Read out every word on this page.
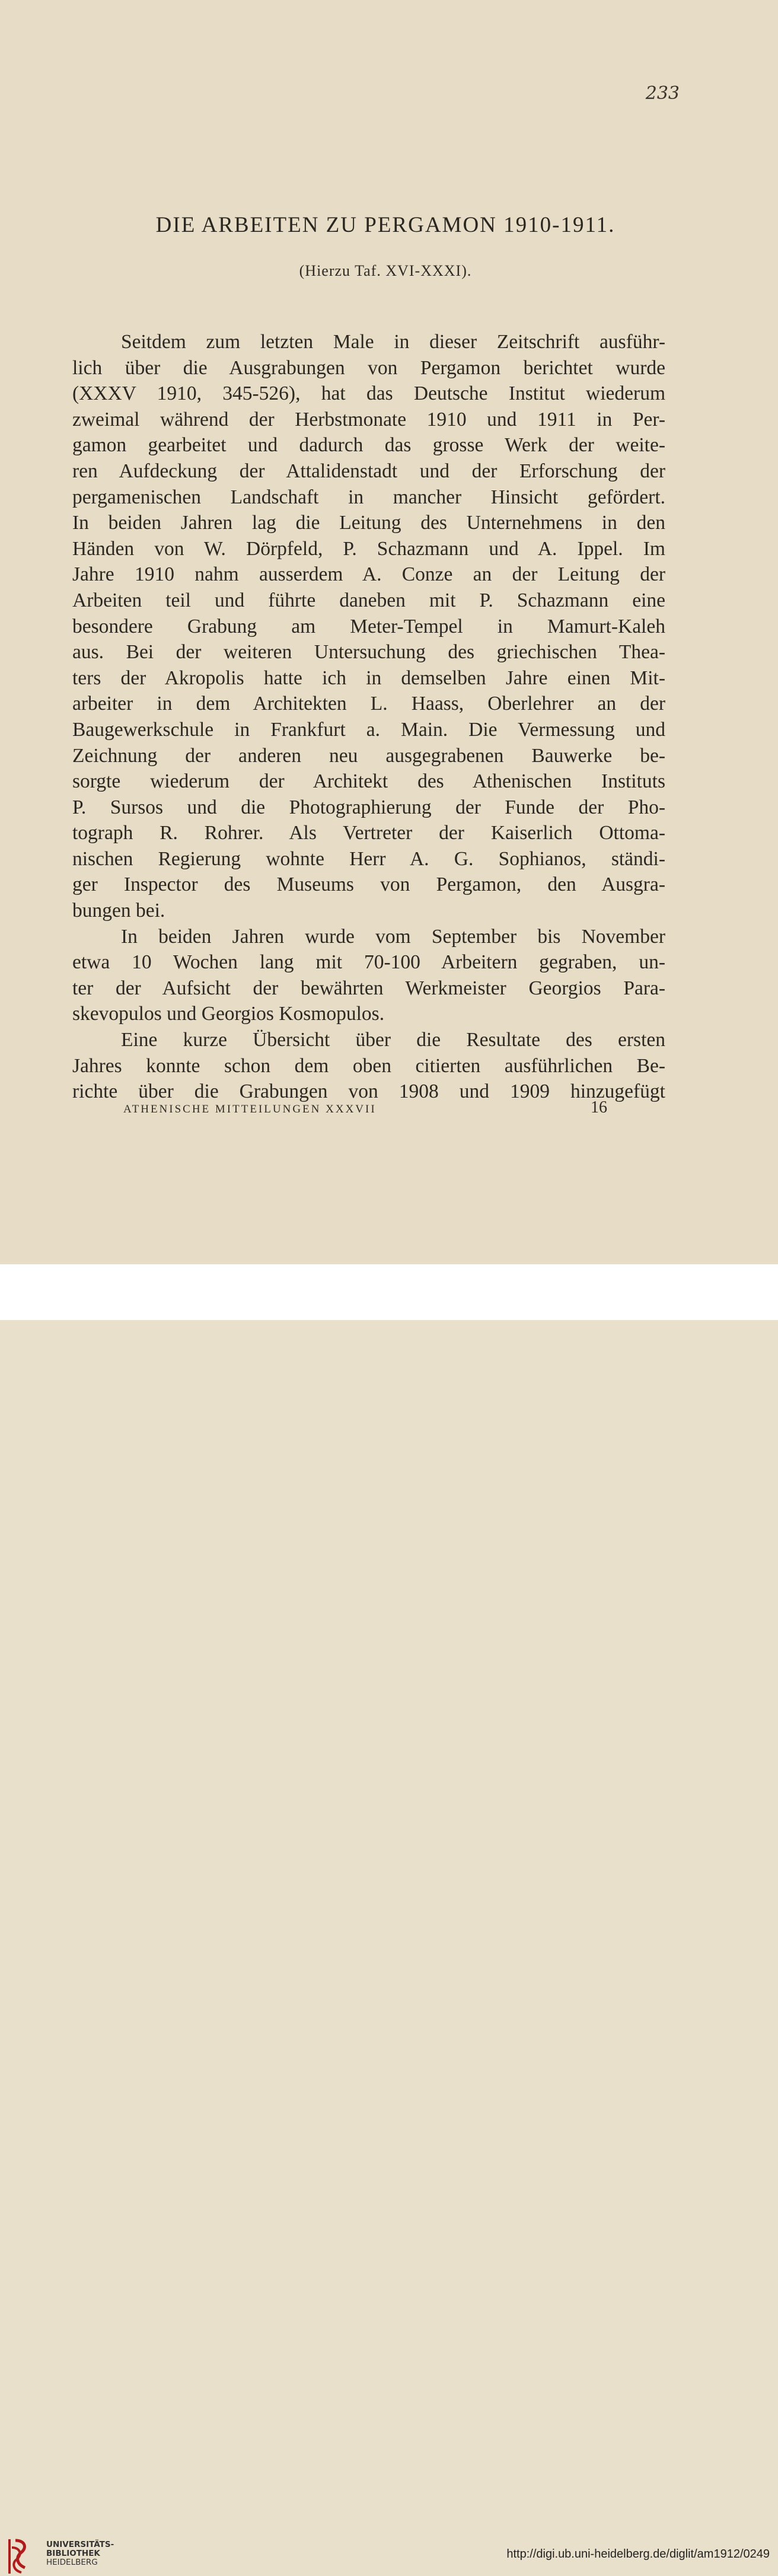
233
DIE ARBEITEN ZU PERGAMON 1910-1911.
(Hierzu Taf. XVI-XXXI).
Seitdem zum letzten Male in dieser Zeitschrift ausführ-
lich über die Ausgrabungen von Pergamon berichtet wurde
(XXXV 1910, 345-526), hat das Deutsche Institut wiederum
zweimal während der Herbstmonate 1910 und 1911 in Per-
gamon gearbeitet und dadurch das grosse Werk der weite-
ren Aufdeckung der Attalidenstadt und der Erforschung der
pergamenischen Landschaft in mancher Hinsicht gefördert.
In beiden Jahren lag die Leitung des Unternehmens in den
Händen von W. Dörpfeld, P. Schazmann und A. Ippel. Im
Jahre 1910 nahm ausserdem A. Conze an der Leitung der
Arbeiten teil und führte daneben mit P. Schazmann eine
besondere Grabung am Meter-Tempel in Mamurt-Kaleh
aus. Bei der weiteren Untersuchung des griechischen Thea-
ters der Akropolis hatte ich in demselben Jahre einen Mit-
arbeiter in dem Architekten L. Haass, Oberlehrer an der
Baugewerkschule in Frankfurt a. Main. Die Vermessung und
Zeichnung der anderen neu ausgegrabenen Bauwerke be-
sorgte wiederum der Architekt des Athenischen Instituts
P. Sursos und die Photographierung der Funde der Pho-
tograph R. Rohrer. Als Vertreter der Kaiserlich Ottoma-
nischen Regierung wohnte Herr A. G. Sophianos, ständi-
ger Inspector des Museums von Pergamon, den Ausgra-
bungen bei.
In beiden Jahren wurde vom September bis November
etwa 10 Wochen lang mit 70-100 Arbeitern gegraben, un-
ter der Aufsicht der bewährten Werkmeister Georgios Para-
skevopulos und Georgios Kosmopulos.
Eine kurze Übersicht über die Resultate des ersten
Jahres konnte schon dem oben citierten ausführlichen Be-
richte über die Grabungen von 1908 und 1909 hinzugefügt
ATHENISCHE MITTEILUNGEN XXXVII	16
UNIVERSITÄTS-
BIBLIOTHEK
HEIDELBERG
http://digi.ub.uni-heidelberg.de/diglit/am1912/0249
